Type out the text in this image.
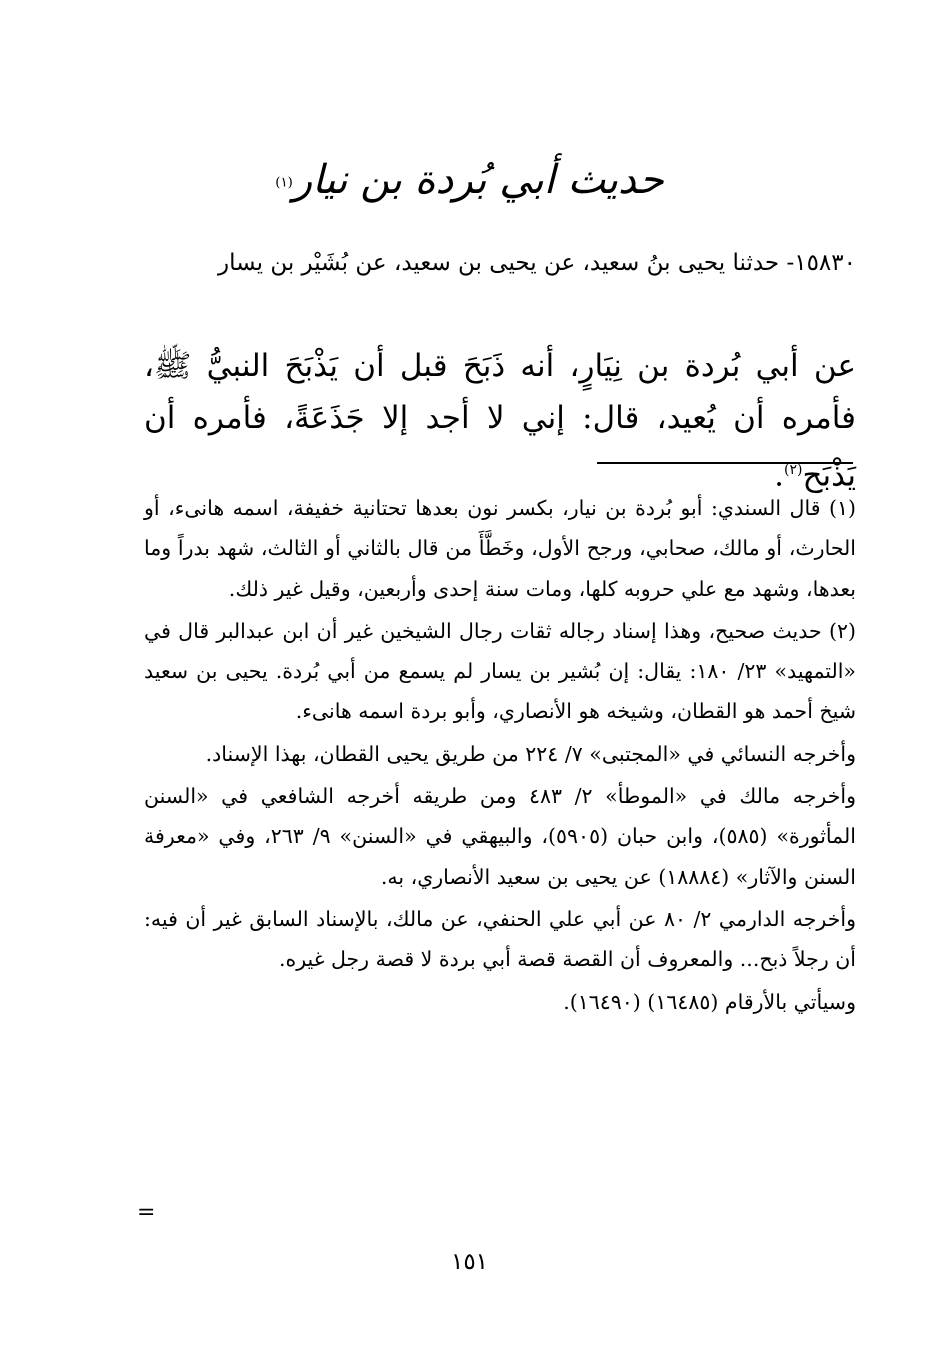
حديث أبي بُردة بن نيار$^{(١)}$
١٥٨٣٠- حدثنا يحيى بنُ سعيد، عن يحيى بن سعيد، عن بُشَيْر بن يسار
عن أبي بُردة بن نِيَارٍ، أنه ذَبَحَ قبل أن يَذْبَحَ النبيُّ ﷺ، فأمره أن يُعيد، قال: إني لا أجد إلا جَذَعَةً، فأمره أن يَذْبَح$^{(٢)}$.

(١) قال السندي: أبو بُردة بن نيار، بكسر نون بعدها تحتانية خفيفة، اسمه هانىء، أو الحارث، أو مالك، صحابي، ورجح الأول، وخَطَّأَ من قال بالثاني أو الثالث، شهد بدراً وما بعدها، وشهد مع علي حروبه كلها، ومات سنة إحدى وأربعين، وقيل غير ذلك.

(٢) حديث صحيح، وهذا إسناد رجاله ثقات رجال الشيخين غير أن ابن عبدالبر قال في «التمهيد» ٢٣/ ١٨٠: يقال: إن بُشير بن يسار لم يسمع من أبي بُردة. يحيى بن سعيد شيخ أحمد هو القطان، وشيخه هو الأنصاري، وأبو بردة اسمه هانىء.

وأخرجه النسائي في «المجتبى» ٧/ ٢٢٤ من طريق يحيى القطان، بهذا الإسناد.

وأخرجه مالك في «الموطأ» ٢/ ٤٨٣ ومن طريقه أخرجه الشافعي في «السنن المأثورة» (٥٨٥)، وابن حبان (٥٩٠٥)، والبيهقي في «السنن» ٩/ ٢٦٣، وفي «معرفة السنن والآثار» (١٨٨٨٤) عن يحيى بن سعيد الأنصاري، به.

وأخرجه الدارمي ٢/ ٨٠ عن أبي علي الحنفي، عن مالك، بالإسناد السابق غير أن فيه: أن رجلاً ذبح... والمعروف أن القصة قصة أبي بردة لا قصة رجل غيره.

وسيأتي بالأرقام (١٦٤٨٥) (١٦٤٩٠).

=
١٥١
